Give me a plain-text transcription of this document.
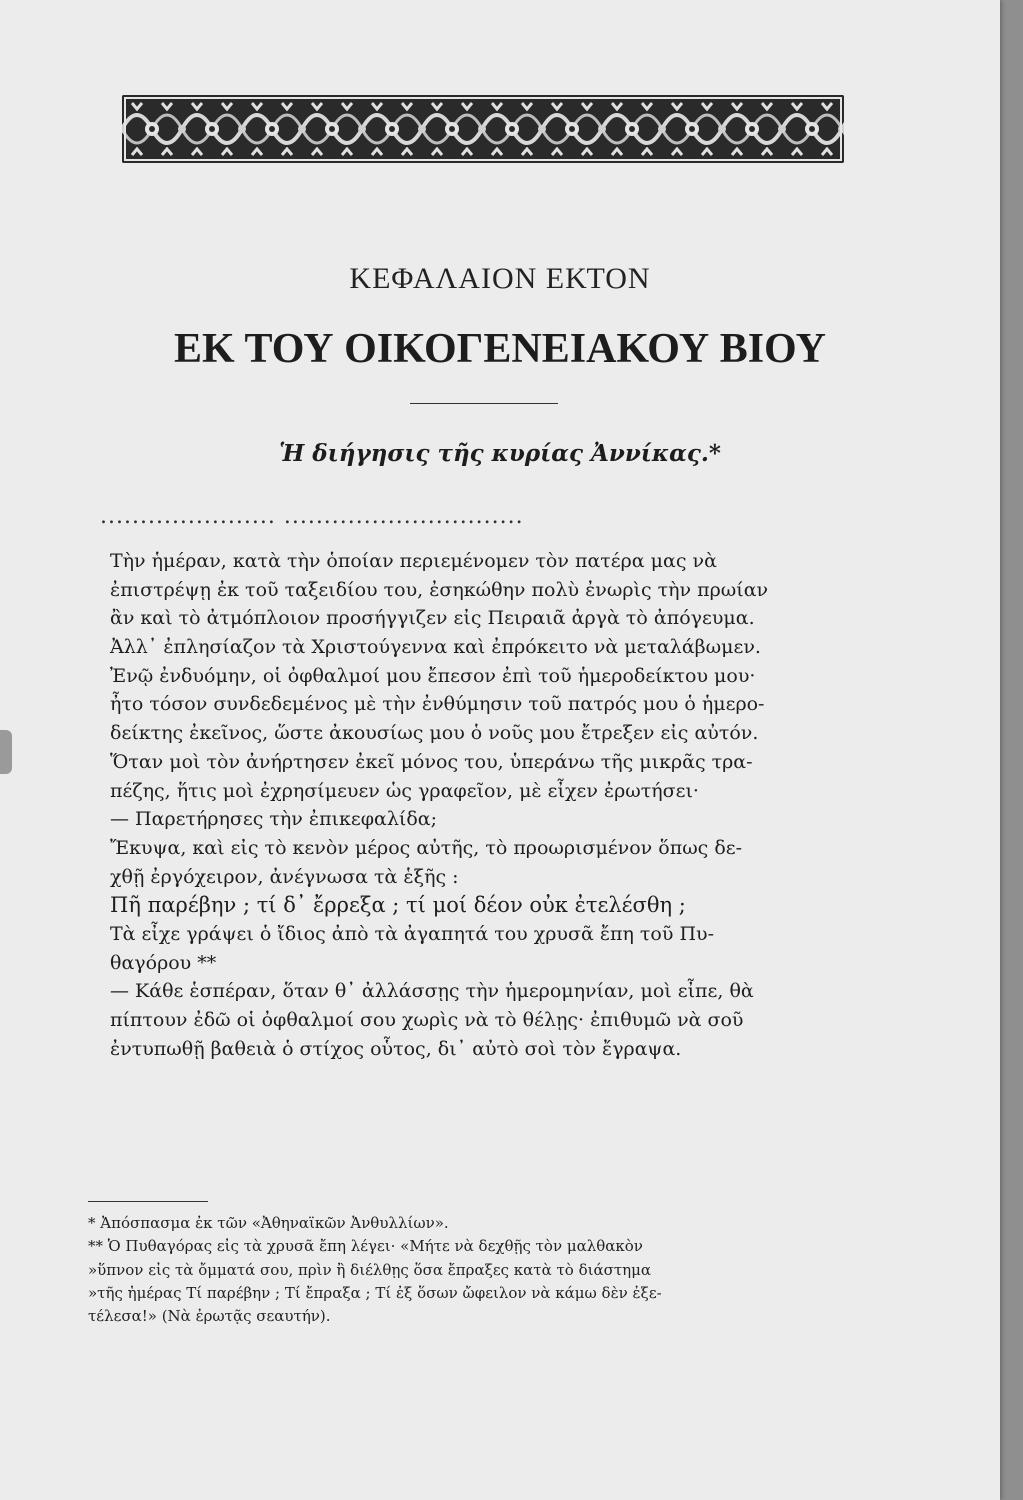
ΚΕΦΑΛΑΙΟΝ ΕΚΤΟΝ
ΕΚ ΤΟΥ ΟΙΚΟΓΕΝΕΙΑΚΟΥ ΒΙΟΥ
Ἡ διήγησις τῆς κυρίας Ἀννίκας.*
...................... ..............................
Τὴν ἡμέραν, κατὰ τὴν ὁποίαν περιεμένομεν τὸν πατέρα μας νὰ
ἐπιστρέψῃ ἐκ τοῦ ταξειδίου του, ἐσηκώθην πολὺ ἐνωρὶς τὴν πρωίαν
ἂν καὶ τὸ ἀτμόπλοιον προσήγγιζεν εἰς Πειραιᾶ ἀργὰ τὸ ἀπόγευμα.
Ἀλλ᾽ ἐπλησίαζον τὰ Χριστούγεννα καὶ ἐπρόκειτο νὰ μεταλάβωμεν.
Ἐνῷ ἐνδυόμην, οἱ ὀφθαλμοί μου ἔπεσον ἐπὶ τοῦ ἡμεροδείκτου μου·
ἦτο τόσον συνδεδεμένος μὲ τὴν ἐνθύμησιν τοῦ πατρός μου ὁ ἡμερο-
δείκτης ἐκεῖνος, ὥστε ἀκουσίως μου ὁ νοῦς μου ἔτρεξεν εἰς αὐτόν.
Ὅταν μοὶ τὸν ἀνήρτησεν ἐκεῖ μόνος του, ὑπεράνω τῆς μικρᾶς τρα-
πέζης, ἥτις μοὶ ἐχρησίμευεν ὡς γραφεῖον, μὲ εἶχεν ἐρωτήσει·
— Παρετήρησες τὴν ἐπικεφαλίδα;
Ἔκυψα, καὶ εἰς τὸ κενὸν μέρος αὐτῆς, τὸ προωρισμένον ὅπως δε-
χθῇ ἐργόχειρον, ἀνέγνωσα τὰ ἑξῆς :
Πῆ παρέβην ; τί δ᾽ ἔρρεξα ; τί μοί δέον οὐκ ἐτελέσθη ;
Τὰ εἶχε γράψει ὁ ἴδιος ἀπὸ τὰ ἀγαπητά του χρυσᾶ ἔπη τοῦ Πυ-
θαγόρου **
— Κάθε ἑσπέραν, ὅταν θ᾽ ἀλλάσσῃς τὴν ἡμερομηνίαν, μοὶ εἶπε, θὰ
πίπτουν ἐδῶ οἱ ὀφθαλμοί σου χωρὶς νὰ τὸ θέλῃς· ἐπιθυμῶ νὰ σοῦ
ἐντυπωθῇ βαθειὰ ὁ στίχος οὗτος, δι᾽ αὐτὸ σοὶ τὸν ἔγραψα.
* Ἀπόσπασμα ἐκ τῶν «Ἀθηναϊκῶν Ἀνθυλλίων».
** Ὁ Πυθαγόρας εἰς τὰ χρυσᾶ ἔπη λέγει· «Μήτε νὰ δεχθῇς τὸν μαλθακὸν
»ὕπνον εἰς τὰ ὄμματά σου, πρὶν ἢ διέλθῃς ὅσα ἔπραξες κατὰ τὸ διάστημα
»τῆς ἡμέρας Τί παρέβην ; Τί ἔπραξα ; Τί ἐξ ὅσων ὤφειλον νὰ κάμω δὲν ἐξε-
τέλεσα!» (Νὰ ἐρωτᾷς σεαυτήν).
